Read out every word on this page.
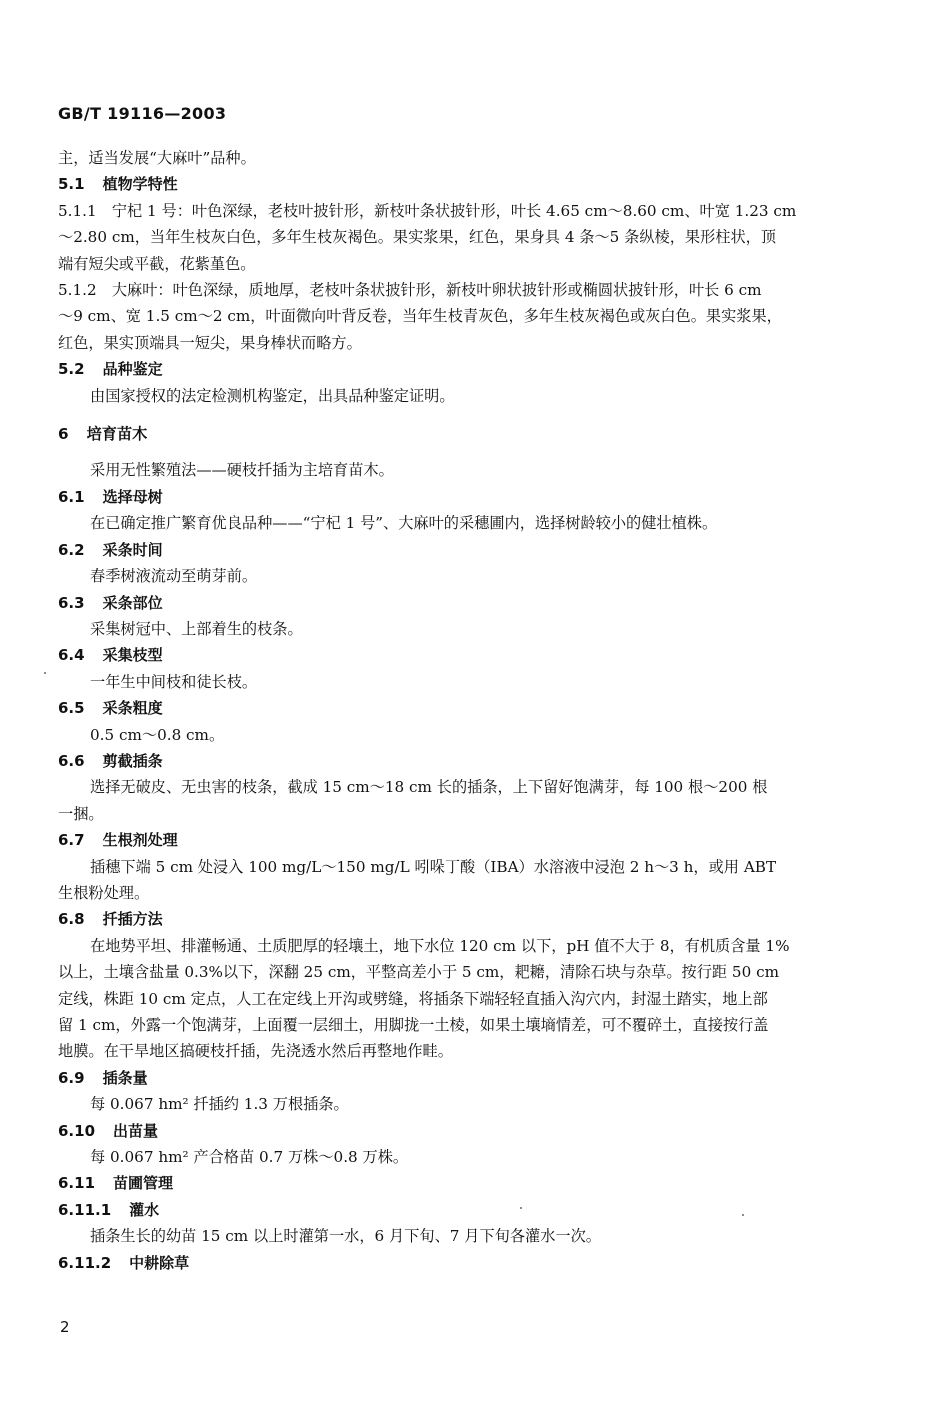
GB/T 19116—2003
主，适当发展“大麻叶”品种。
5.1 植物学特性
5.1.1　宁杞 1 号：叶色深绿，老枝叶披针形，新枝叶条状披针形，叶长 4.65 cm～8.60 cm、叶宽 1.23 cm
～2.80 cm，当年生枝灰白色，多年生枝灰褐色。果实浆果，红色，果身具 4 条～5 条纵棱，果形柱状，顶
端有短尖或平截，花紫堇色。
5.1.2　大麻叶：叶色深绿，质地厚，老枝叶条状披针形，新枝叶卵状披针形或椭圆状披针形，叶长 6 cm
～9 cm、宽 1.5 cm～2 cm，叶面微向叶背反卷，当年生枝青灰色，多年生枝灰褐色或灰白色。果实浆果，
红色，果实顶端具一短尖，果身棒状而略方。
5.2 品种鉴定
由国家授权的法定检测机构鉴定，出具品种鉴定证明。
6 培育苗木
采用无性繁殖法——硬枝扦插为主培育苗木。
6.1 选择母树
在已确定推广繁育优良品种——“宁杞 1 号”、大麻叶的采穗圃内，选择树龄较小的健壮植株。
6.2 采条时间
春季树液流动至萌芽前。
6.3 采条部位
采集树冠中、上部着生的枝条。
6.4 采集枝型
一年生中间枝和徒长枝。
6.5 采条粗度
0.5 cm～0.8 cm。
6.6 剪截插条
选择无破皮、无虫害的枝条，截成 15 cm～18 cm 长的插条，上下留好饱满芽，每 100 根～200 根
一捆。
6.7 生根剂处理
插穗下端 5 cm 处浸入 100 mg/L～150 mg/L 吲哚丁酸（IBA）水溶液中浸泡 2 h～3 h，或用 ABT
生根粉处理。
6.8 扦插方法
在地势平坦、排灌畅通、土质肥厚的轻壤土，地下水位 120 cm 以下，pH 值不大于 8，有机质含量 1%
以上，土壤含盐量 0.3%以下，深翻 25 cm，平整高差小于 5 cm，耙耱，清除石块与杂草。按行距 50 cm
定线，株距 10 cm 定点，人工在定线上开沟或劈缝，将插条下端轻轻直插入沟穴内，封湿土踏实，地上部
留 1 cm，外露一个饱满芽，上面覆一层细土，用脚拢一土棱，如果土壤墒情差，可不覆碎土，直接按行盖
地膜。在干旱地区搞硬枝扦插，先浇透水然后再整地作畦。
6.9 插条量
每 0.067 hm² 扦插约 1.3 万根插条。
6.10 出苗量
每 0.067 hm² 产合格苗 0.7 万株～0.8 万株。
6.11 苗圃管理
6.11.1 灌水
插条生长的幼苗 15 cm 以上时灌第一水，6 月下旬、7 月下旬各灌水一次。
6.11.2 中耕除草
2
